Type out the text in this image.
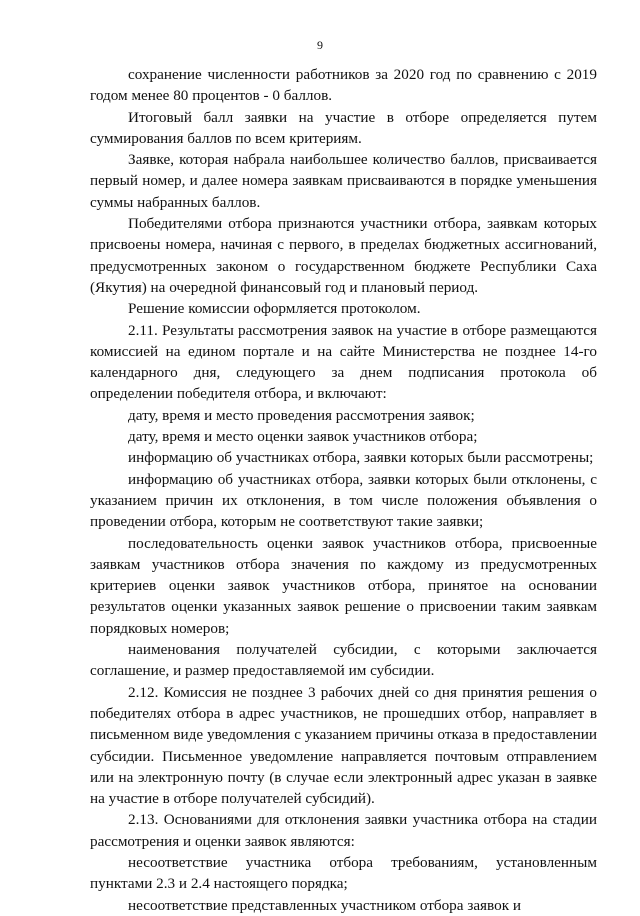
9

сохранение численности работников за 2020 год по сравнению с 2019 годом менее 80 процентов - 0 баллов.

Итоговый балл заявки на участие в отборе определяется путем суммирования баллов по всем критериям.

Заявке, которая набрала наибольшее количество баллов, присваивается первый номер, и далее номера заявкам присваиваются в порядке уменьшения суммы набранных баллов.

Победителями отбора признаются участники отбора, заявкам которых присвоены номера, начиная с первого, в пределах бюджетных ассигнований, предусмотренных законом о государственном бюджете Республики Саха (Якутия) на очередной финансовый год и плановый период.

Решение комиссии оформляется протоколом.

2.11. Результаты рассмотрения заявок на участие в отборе размещаются комиссией на едином портале и на сайте Министерства не позднее 14-го календарного дня, следующего за днем подписания протокола об определении победителя отбора, и включают:

дату, время и место проведения рассмотрения заявок;

дату, время и место оценки заявок участников отбора;

информацию об участниках отбора, заявки которых были рассмотрены;

информацию об участниках отбора, заявки которых были отклонены, с указанием причин их отклонения, в том числе положения объявления о проведении отбора, которым не соответствуют такие заявки;

последовательность оценки заявок участников отбора, присвоенные заявкам участников отбора значения по каждому из предусмотренных критериев оценки заявок участников отбора, принятое на основании результатов оценки указанных заявок решение о присвоении таким заявкам порядковых номеров;

наименования получателей субсидии, с которыми заключается соглашение, и размер предоставляемой им субсидии.

2.12. Комиссия не позднее 3 рабочих дней со дня принятия решения о победителях отбора в адрес участников, не прошедших отбор, направляет в письменном виде уведомления с указанием причины отказа в предоставлении субсидии. Письменное уведомление направляется почтовым отправлением или на электронную почту (в случае если электронный адрес указан в заявке на участие в отборе получателей субсидий).

2.13. Основаниями для отклонения заявки участника отбора на стадии рассмотрения и оценки заявок являются:

несоответствие участника отбора требованиям, установленным пунктами 2.3 и 2.4 настоящего порядка;

несоответствие представленных участником отбора заявок и
